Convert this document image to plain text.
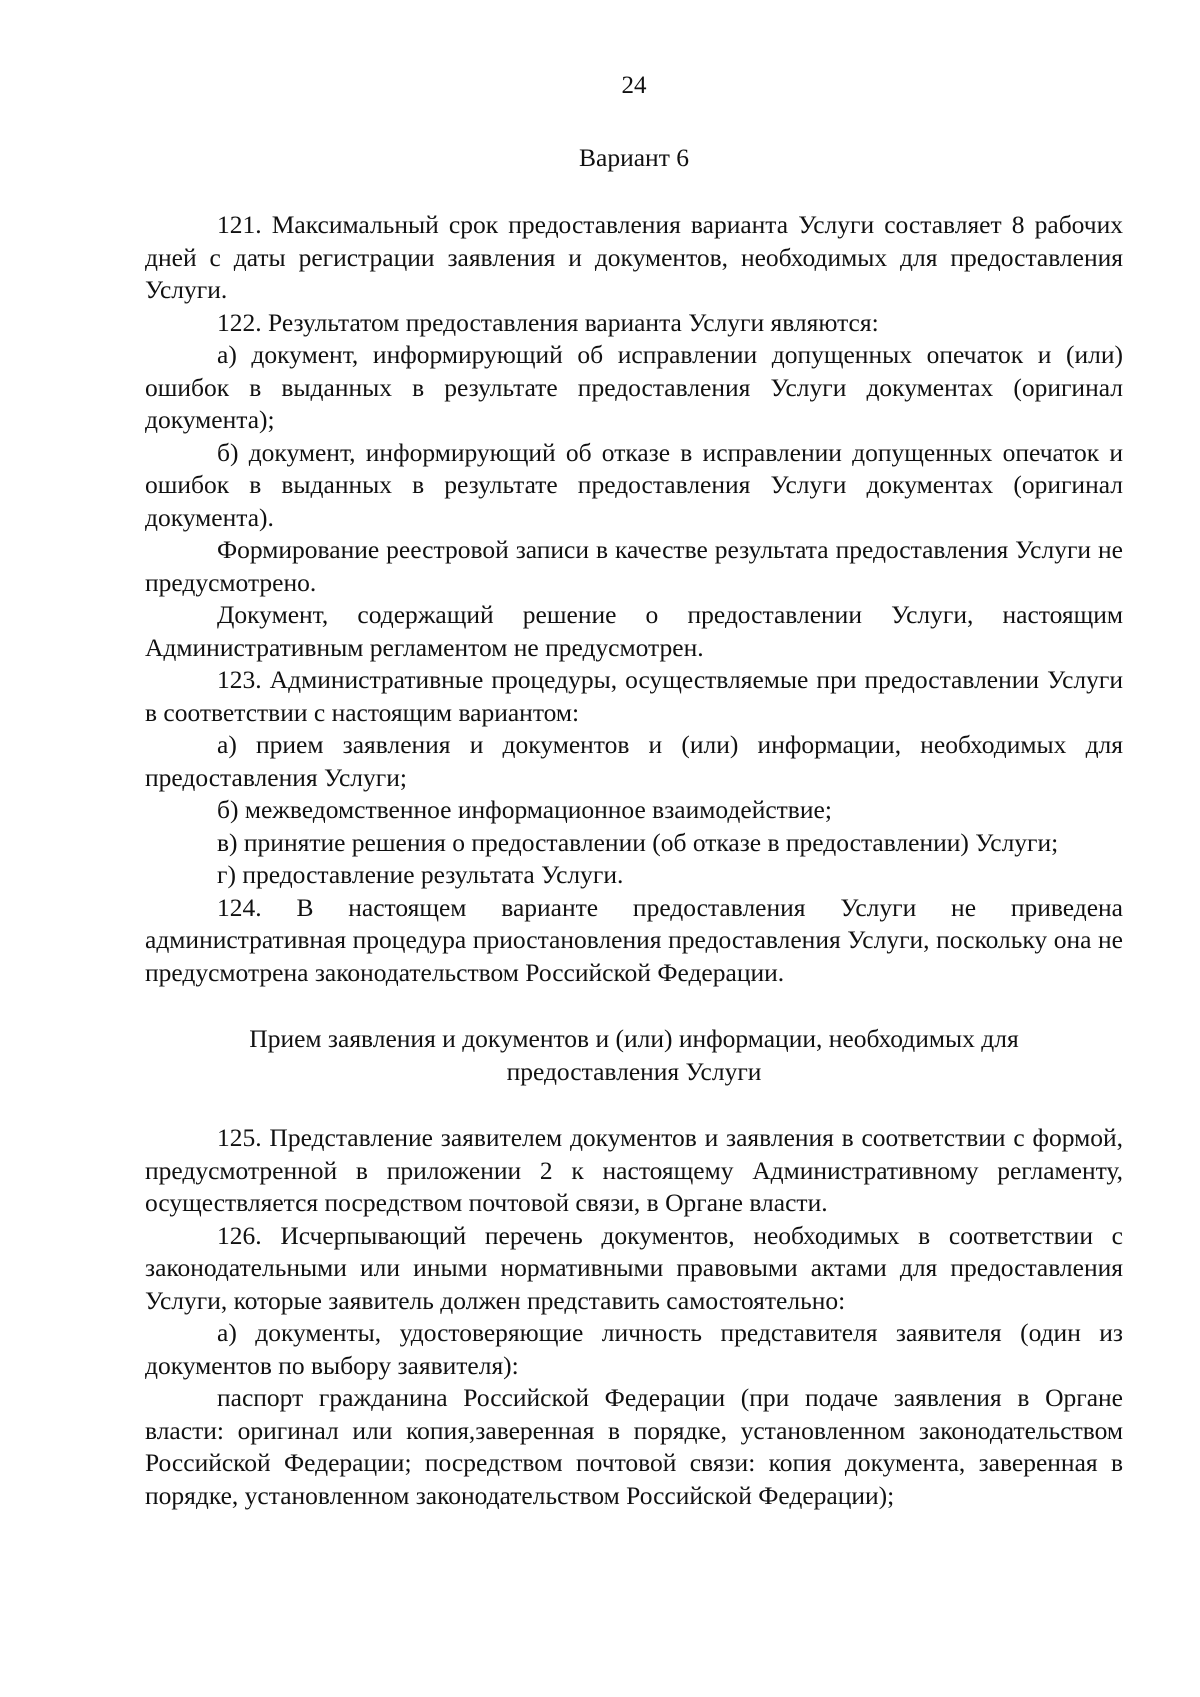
24
Вариант 6

121. Максимальный срок предоставления варианта Услуги составляет 8 рабочих дней с даты регистрации заявления и документов, необходимых для предоставления Услуги.

122. Результатом предоставления варианта Услуги являются:

а) документ, информирующий об исправлении допущенных опечаток и (или) ошибок в выданных в результате предоставления Услуги документах (оригинал документа);

б) документ, информирующий об отказе в исправлении допущенных опечаток и ошибок в выданных в результате предоставления Услуги документах (оригинал документа).

Формирование реестровой записи в качестве результата предоставления Услуги не предусмотрено.

Документ, содержащий решение о предоставлении Услуги, настоящим Административным регламентом не предусмотрен.

123. Административные процедуры, осуществляемые при предоставлении Услуги в соответствии с настоящим вариантом:

а) прием заявления и документов и (или) информации, необходимых для предоставления Услуги;

б) межведомственное информационное взаимодействие;

в) принятие решения о предоставлении (об отказе в предоставлении) Услуги;

г) предоставление результата Услуги.

124. В настоящем варианте предоставления Услуги не приведена административная процедура приостановления предоставления Услуги, поскольку она не предусмотрена законодательством Российской Федерации.

Прием заявления и документов и (или) информации, необходимых для
предоставления Услуги

125. Представление заявителем документов и заявления в соответствии с формой, предусмотренной в приложении 2 к настоящему Административному регламенту, осуществляется посредством почтовой связи, в Органе власти.

126. Исчерпывающий перечень документов, необходимых в соответствии с законодательными или иными нормативными правовыми актами для предоставления Услуги, которые заявитель должен представить самостоятельно:

а) документы, удостоверяющие личность представителя заявителя (один из документов по выбору заявителя):

паспорт гражданина Российской Федерации (при подаче заявления в Органе власти: оригинал или копия,заверенная в порядке, установленном законодательством Российской Федерации; посредством почтовой связи: копия документа, заверенная в порядке, установленном законодательством Российской Федерации);
